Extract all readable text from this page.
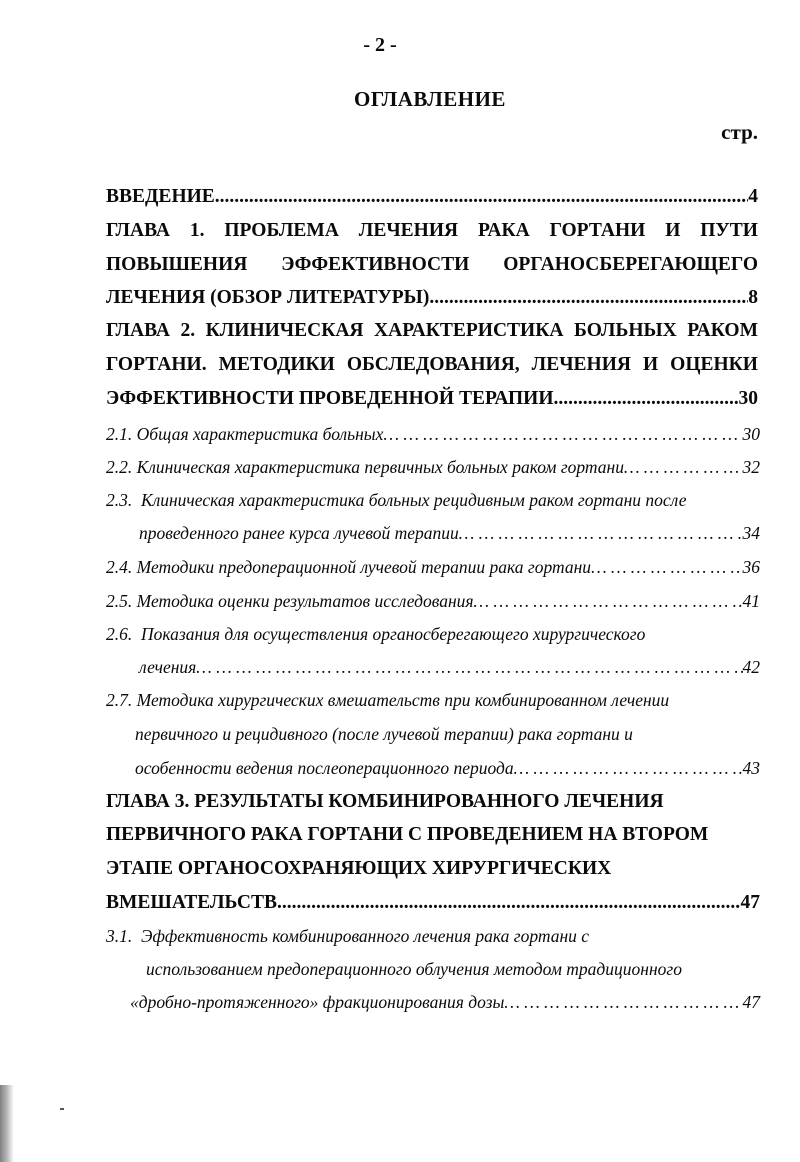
- 2 -
ОГЛАВЛЕНИЕ
стр.
ВВЕДЕНИЕ .....	4
ГЛАВА 1. ПРОБЛЕМА ЛЕЧЕНИЯ РАКА ГОРТАНИ И ПУТИ
ПОВЫШЕНИЯ ЭФФЕКТИВНОСТИ ОРГАНОСБЕРЕГАЮЩЕГО
ЛЕЧЕНИЯ (ОБЗОР ЛИТЕРАТУРЫ) .....	8
ГЛАВА 2. КЛИНИЧЕСКАЯ ХАРАКТЕРИСТИКА БОЛЬНЫХ РАКОМ
ГОРТАНИ. МЕТОДИКИ ОБСЛЕДОВАНИЯ, ЛЕЧЕНИЯ И ОЦЕНКИ
ЭФФЕКТИВНОСТИ ПРОВЕДЕННОЙ ТЕРАПИИ .....	30
2.1.
Общая характеристика больных … … … … … … … … … … … … … … … … … … … … … … … … … … … … … … … … … … … … … … … … … … … … … … … … … … … … … … … … … … … … … … … … … … …	30
2.2.
Клиническая характеристика первичных больных раком гортани … … … … … … … … … … … … … … … … … … … … … … … … … … … … … … … … … … … … … … … … … … … … … … … … … … … … … … … … … … … … … … … … … … …	32
2.3. Клиническая характеристика больных рецидивным раком гортани после
проведенного ранее курса лучевой терапии … … … … … … … … … … … … … … … … … … … … … … … … … … … … … … … … … … … … … … … … … … … … … … … … … … … … … … … … … … … … … … … … … … …	34
2.4.
Методики предоперационной лучевой терапии рака гортани … … … … … … … … … … … … … … … … … … … … … … … … … … … … … … … … … … … … … … … … … … … … … … … … … … … … … … … … … … … … … … … … … … …	36
2.5.
Методика оценки результатов исследования … … … … … … … … … … … … … … … … … … … … … … … … … … … … … … … … … … … … … … … … … … … … … … … … … … … … … … … … … … … … … … … … … … …	41
2.6. Показания для осуществления органосберегающего хирургического
лечения … … … … … … … … … … … … … … … … … … … … … … … … … … … … … … … … … … … … … … … … … … … … … … … … … … … … … … … … … … … … … … … … … … …	42
2.7. Методика хирургических вмешательств при комбинированном лечении
первичного и рецидивного (после лучевой терапии) рака гортани и
особенности ведения послеоперационного периода … … … … … … … … … … … … … … … … … … … … … … … … … … … … … … … … … … … … … … … … … … … … … … … … … … … … … … … … … … … … … … … … … … …	43
ГЛАВА 3. РЕЗУЛЬТАТЫ КОМБИНИРОВАННОГО ЛЕЧЕНИЯ
ПЕРВИЧНОГО РАКА ГОРТАНИ С ПРОВЕДЕНИЕМ НА ВТОРОМ
ЭТАПЕ ОРГАНОСОХРАНЯЮЩИХ ХИРУРГИЧЕСКИХ
ВМЕШАТЕЛЬСТВ .....	47
3.1. Эффективность комбинированного лечения рака гортани с
использованием предоперационного облучения методом традиционного
«дробно-протяженного» фракционирования дозы … … … … … … … … … … … … … … … … … … … … … … … … … … … … … … … … … … … … … … … … … … … … … … … … … … … … … … … … … … … … … … … … … … …	47
